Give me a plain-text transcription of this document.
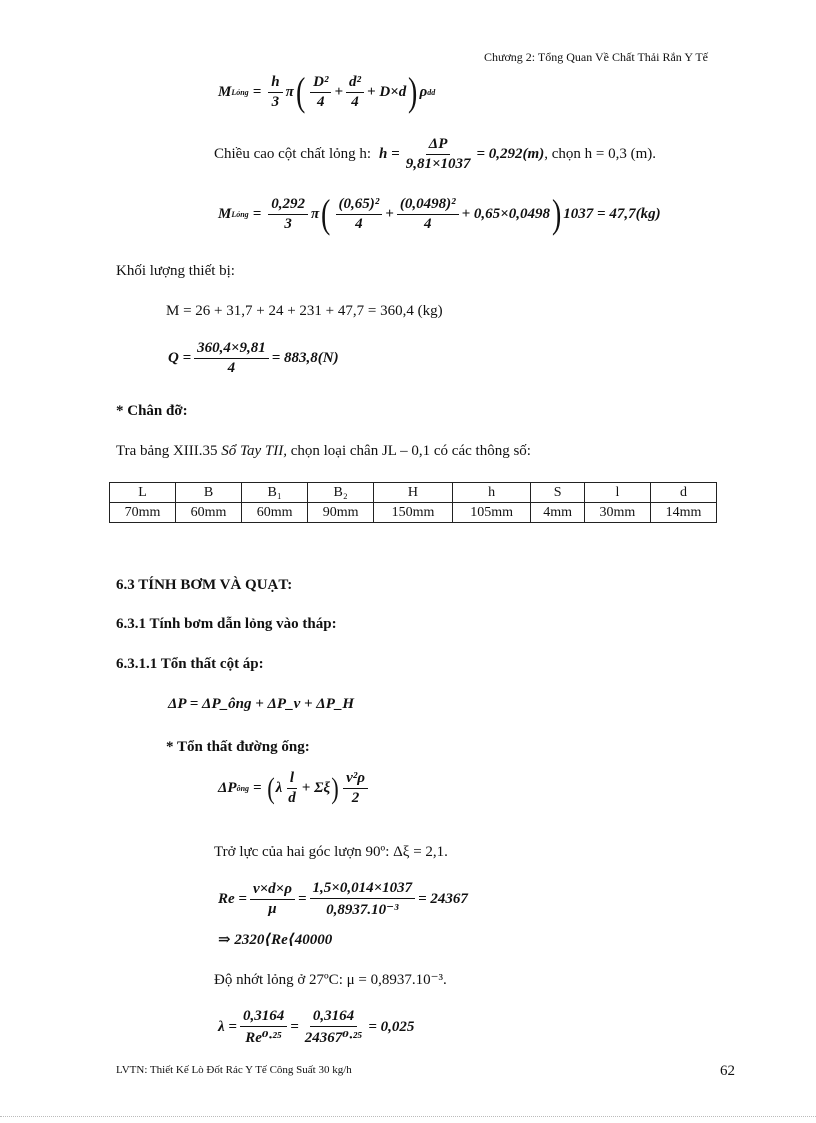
Chương 2: Tổng Quan Về Chất Thải Rắn Y Tế
M Lỏng = $\frac{h}{3}$ π ( $\frac{\text{D²}}{4} + \frac{\text{d²}}{4} + D\times d$ ) ρ dd
Chiều cao cột chất lỏng h: $h = \frac{\Delta P}{9,81\times 1037} = 0,292(m)$ , chọn h = 0,3 (m).
M Lỏng = $\frac{0,292}{3}$ π ( $\frac{\text{(0,65)²}}{4} + \frac{\text{(0,0498)²}}{4} + 0,65\times 0,0498$ ) 1037 = 47,7(kg)
Khối lượng thiết bị:
M = 26 + 31,7 + 24 + 231 + 47,7 = 360,4 (kg)
$Q = \frac{360,4\times 9,81}{4} = 883,8(N)$
* Chân đỡ:
Tra bảng XIII.35 Sổ Tay TII, chọn loại chân JL – 0,1 có các thông số:
L	B	B₁	B₂	H	h	S	l	d
70mm	60mm	60mm	90mm	150mm	105mm	4mm	30mm	14mm
6.3 TÍNH BƠM VÀ QUẠT:
6.3.1 Tính bơm dẫn lỏng vào tháp:
6.3.1.1 Tổn thất cột áp:
ΔP = ΔP_ông + ΔP_v + ΔP_H
* Tổn thất đường ống:
ΔP ông = ( λ $\frac{l}{d} + \Sigma\xi$ ) $\frac{\text{v²ρ}}{2}$
Trở lực của hai góc lượn 90º: Δξ = 2,1.
$Re = \frac{v\times d\times\rho}{\mu} = \frac{1,5\times 0,014\times 1037}{\text{0,8937.10⁻³}} = 24367$
⇒ 2320⟨Re⟨40000
Độ nhớt lỏng ở 27ºC: μ = 0,8937.10⁻³.
$\lambda = \frac{0,3164}{\text{Re⁰·²⁵}} = \frac{0,3164}{\text{24367⁰·²⁵}} = 0,025$
LVTN: Thiết Kế Lò Đốt Rác Y Tế Công Suất 30 kg/h	62
